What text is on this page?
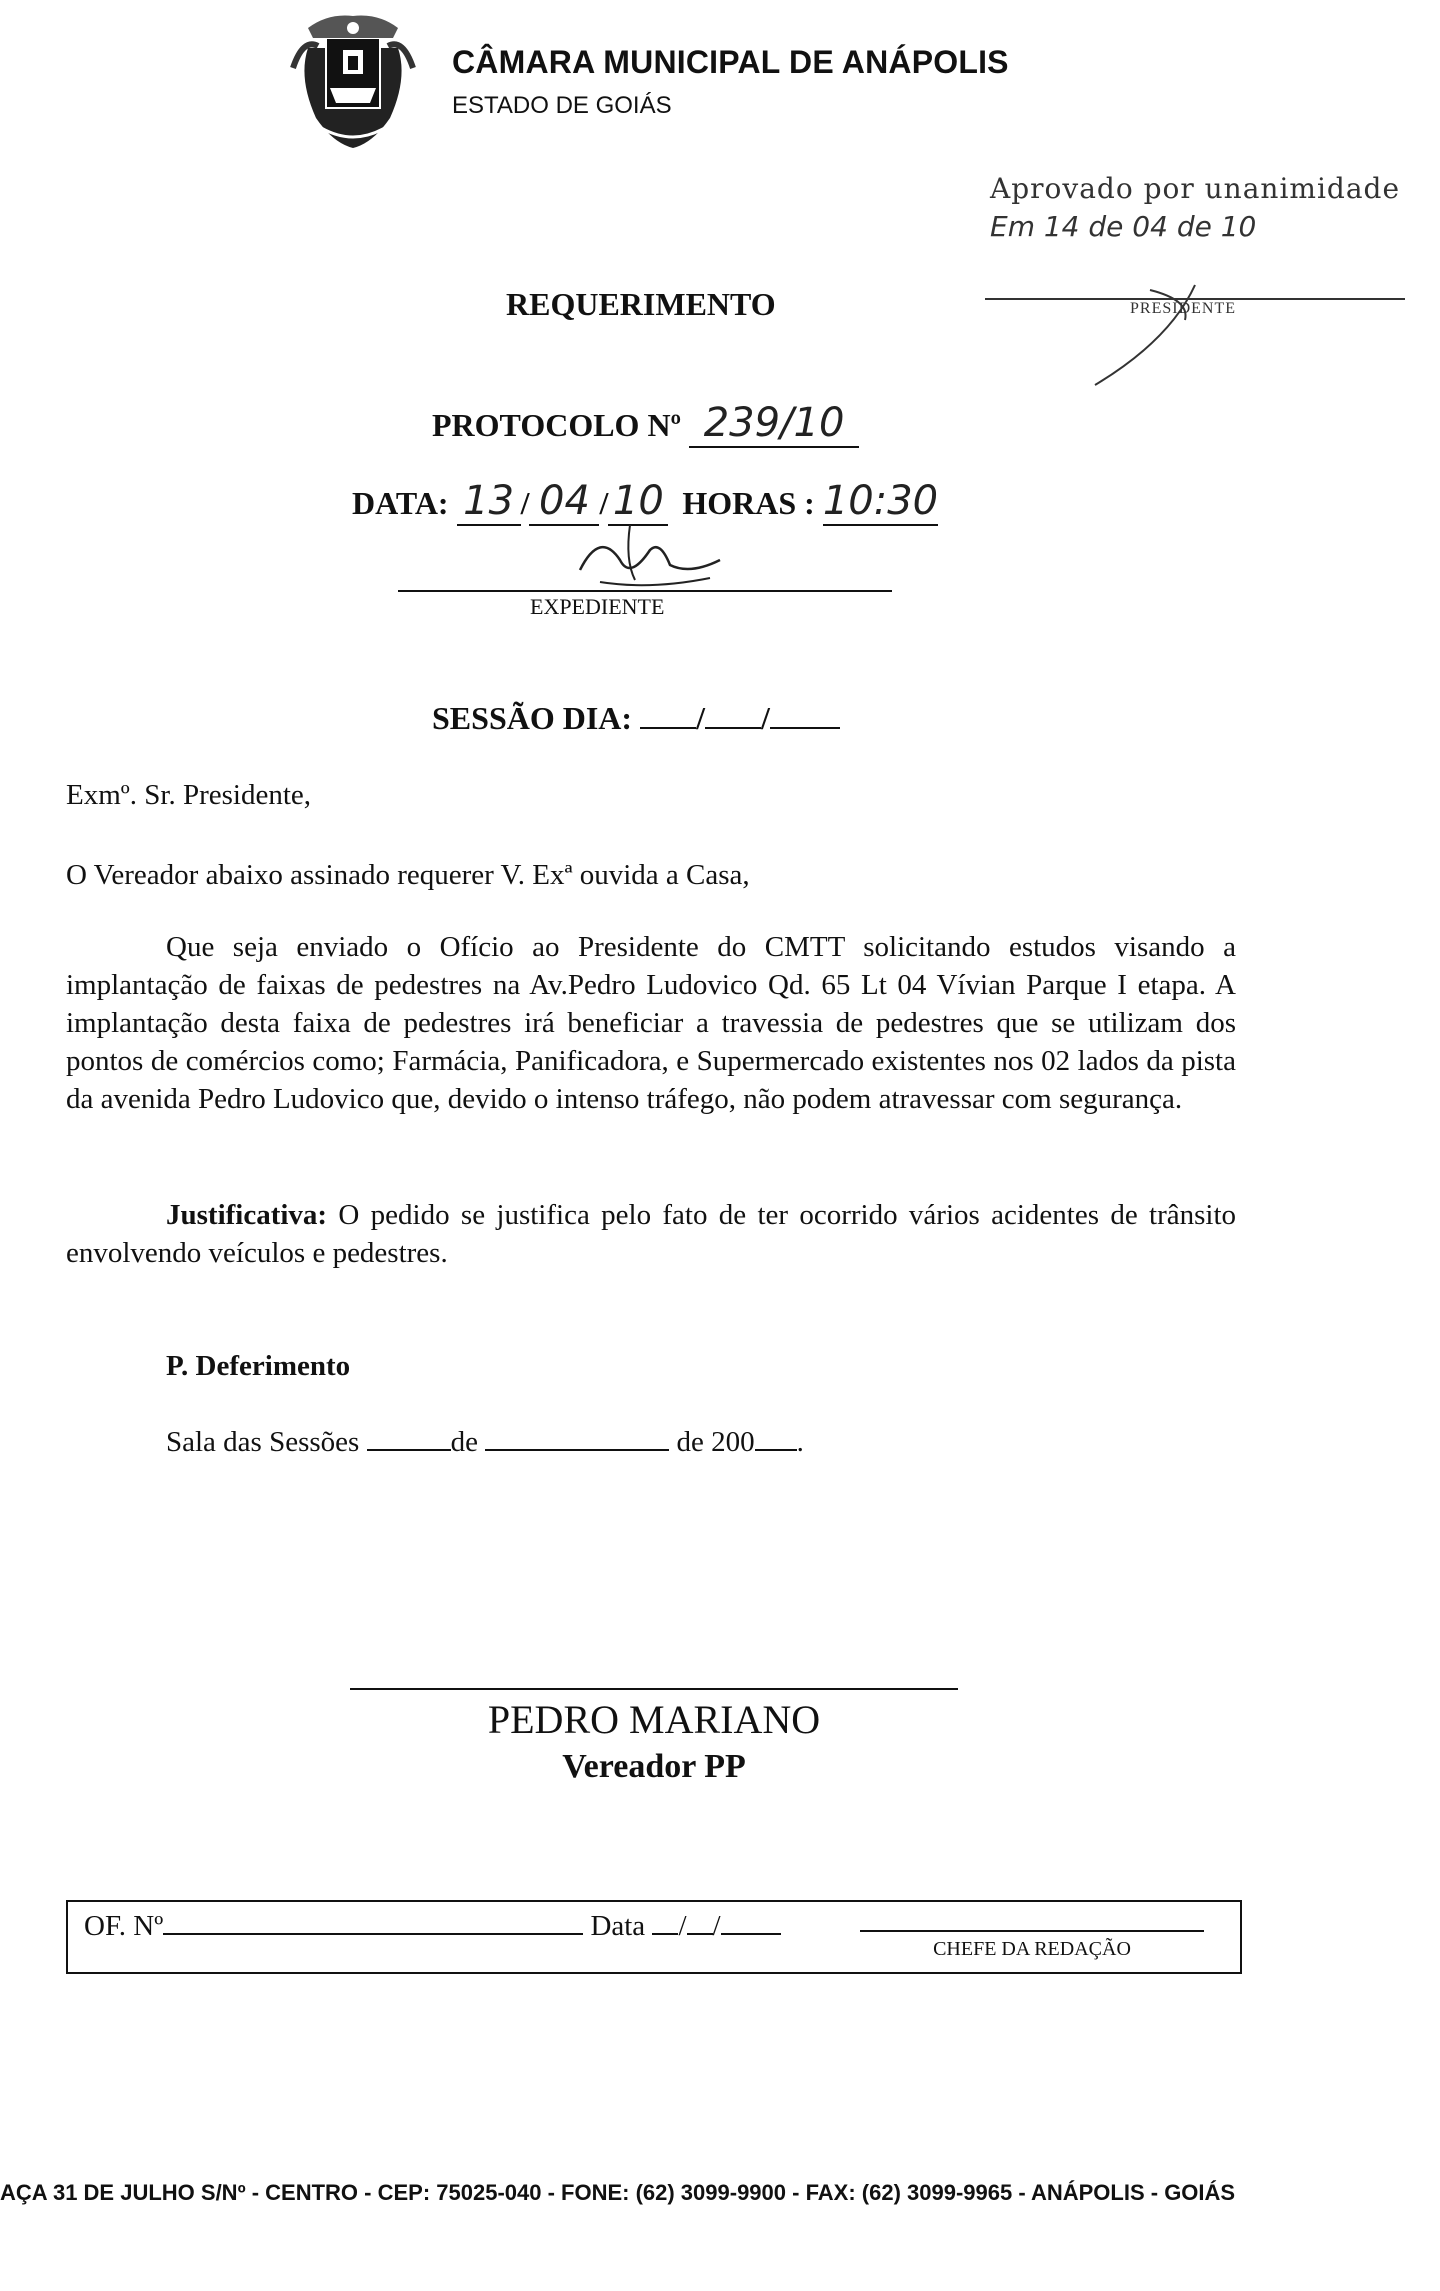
CÂMARA MUNICIPAL DE ANÁPOLIS
ESTADO DE GOIÁS
Aprovado por unanimidade
Em 14 de 04 de 10
PRESIDENTE
REQUERIMENTO
PROTOCOLO Nº 239/10
DATA: 13 / 04 / 10 HORAS : 10:30
EXPEDIENTE
SESSÃO DIA: / /
Exmº. Sr. Presidente,
O Vereador abaixo assinado requerer V. Exª ouvida a Casa,
Que seja enviado o Ofício ao Presidente do CMTT solicitando estudos visando a implantação de faixas de pedestres na Av.Pedro Ludovico Qd. 65 Lt 04 Vívian Parque I etapa. A implantação desta faixa de pedestres irá beneficiar a travessia de pedestres que se utilizam dos pontos de comércios como; Farmácia, Panificadora, e Supermercado existentes nos 02 lados da pista da avenida Pedro Ludovico que, devido o intenso tráfego, não podem atravessar com segurança.
Justificativa: O pedido se justifica pelo fato de ter ocorrido vários acidentes de trânsito envolvendo veículos e pedestres.
P. Deferimento
Sala das Sessões	de	de 200 .
PEDRO MARIANO
Vereador PP
OF. Nº	Data / /
CHEFE DA REDAÇÃO
AÇA 31 DE JULHO S/Nº - CENTRO - CEP: 75025-040 - FONE: (62) 3099-9900 - FAX: (62) 3099-9965 - ANÁPOLIS - GOIÁS
